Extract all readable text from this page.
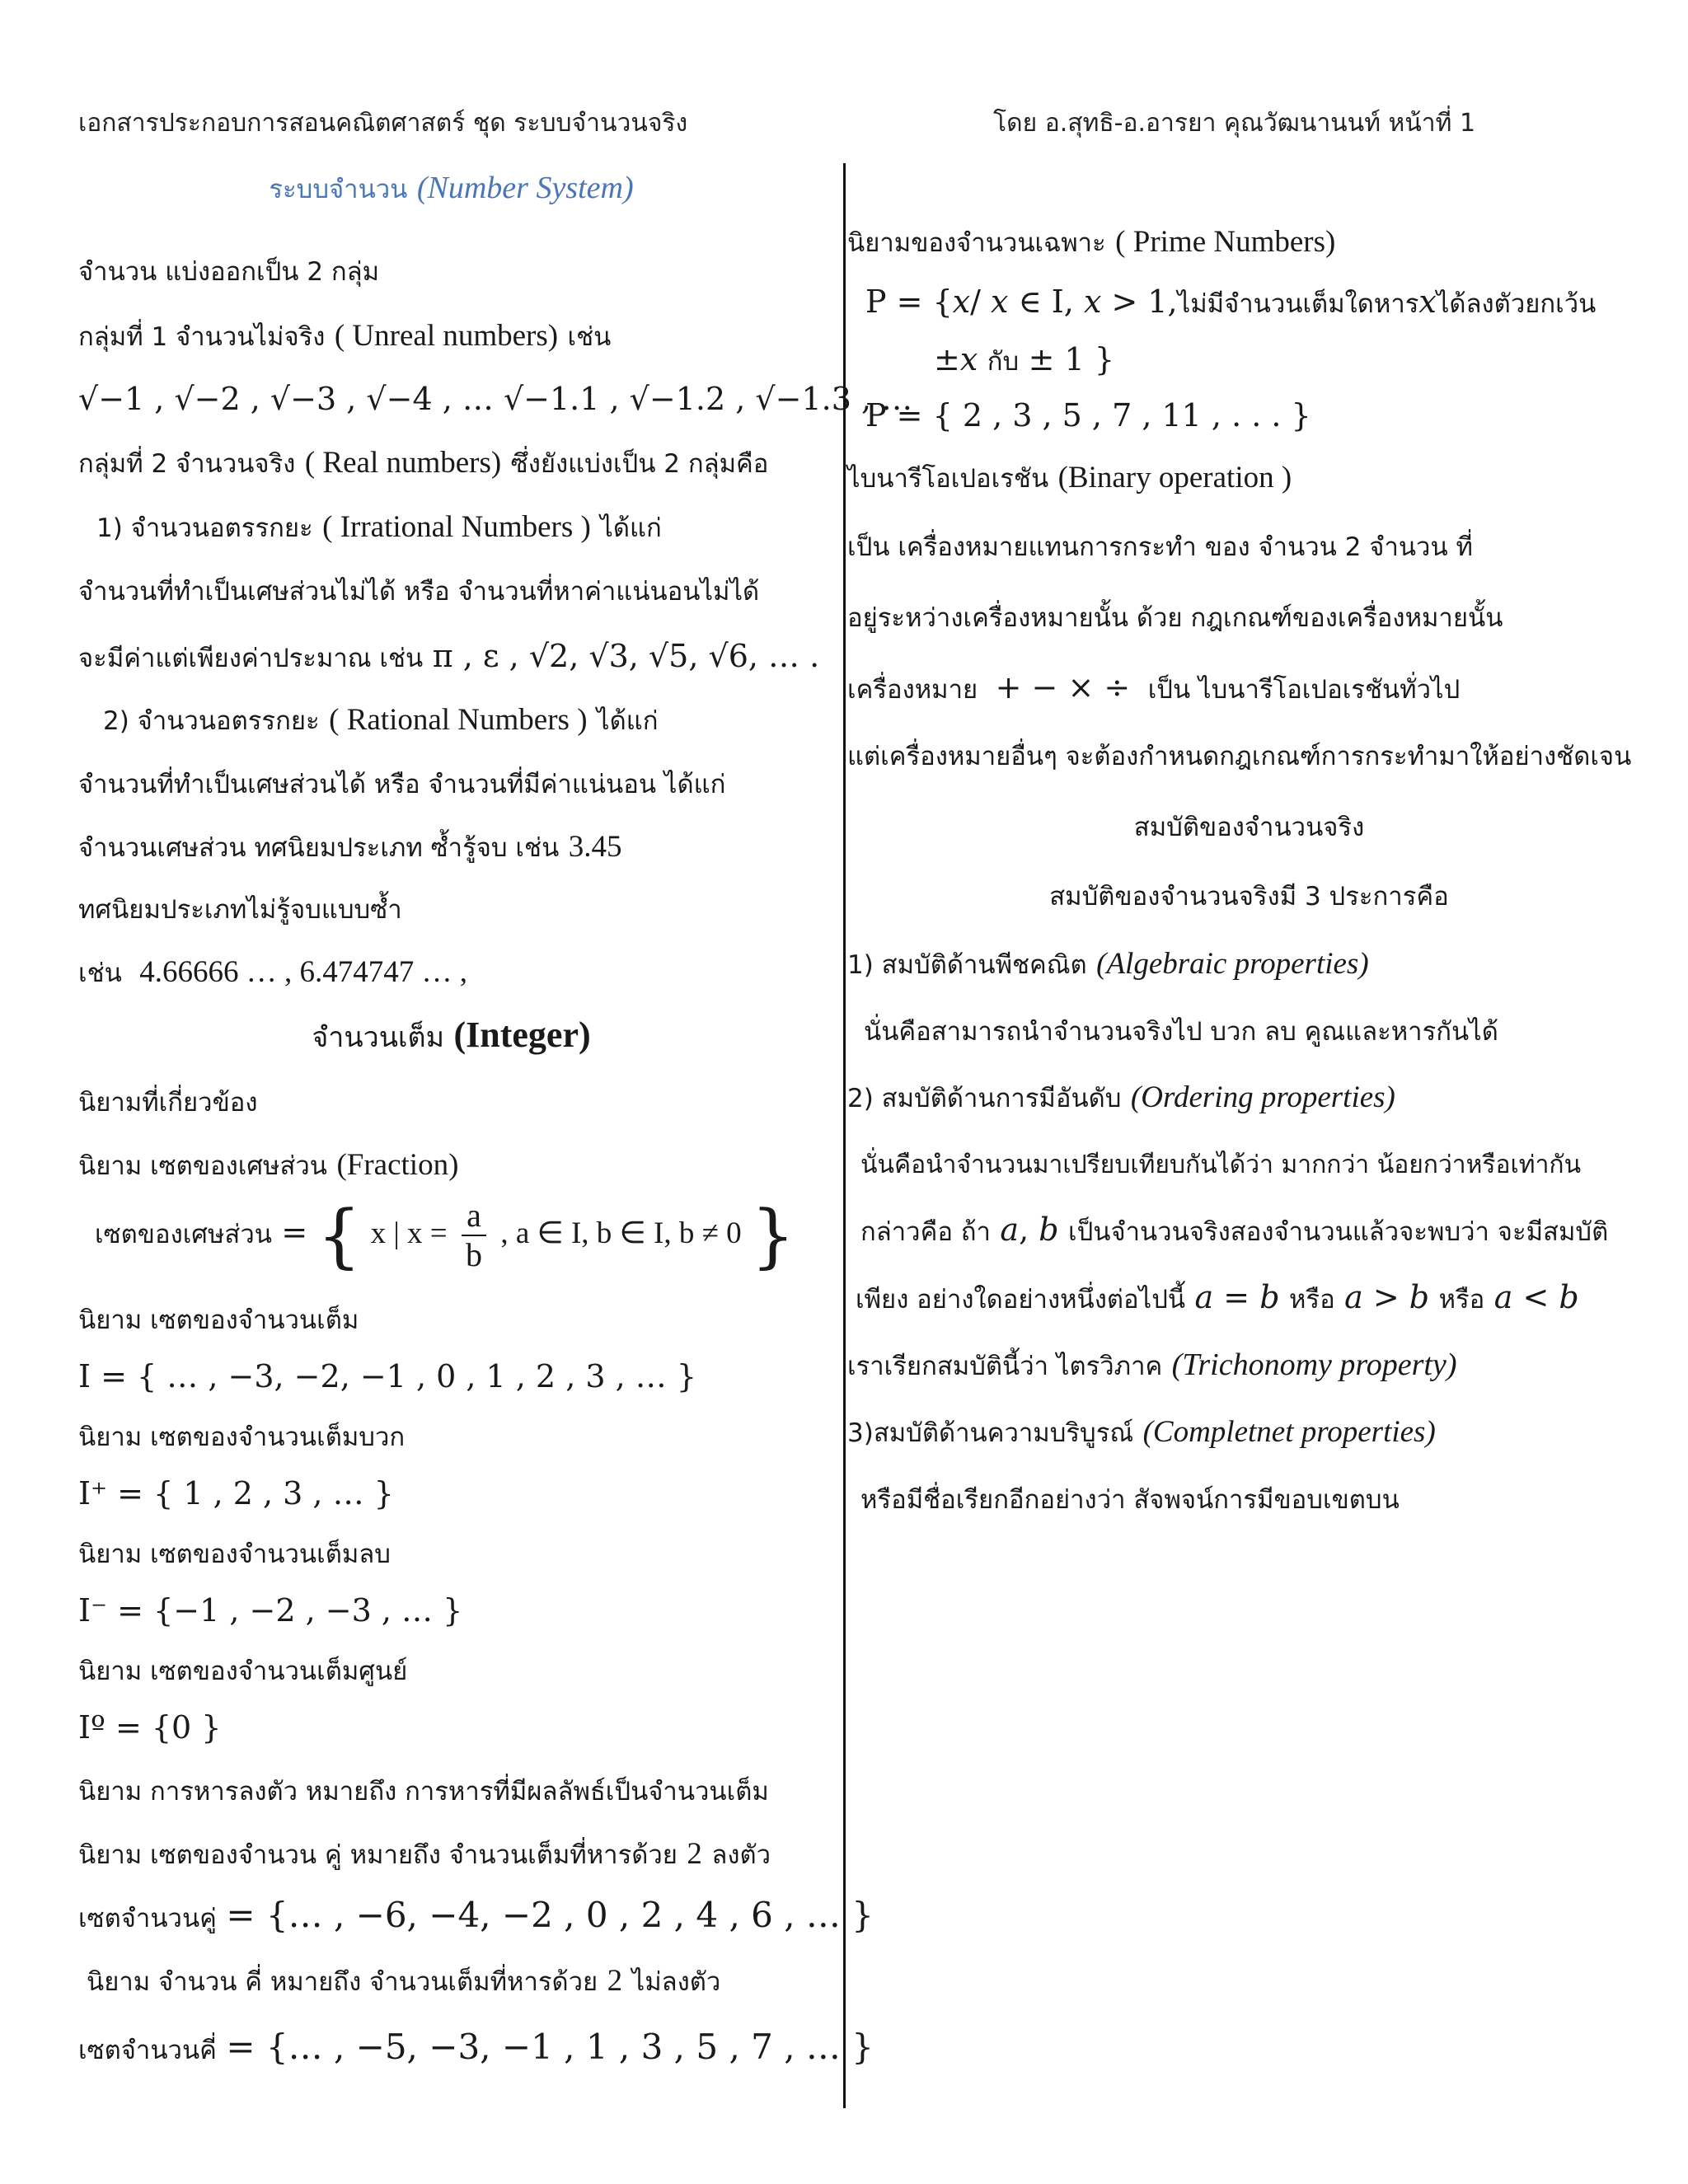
เอกสารประกอบการสอนคณิตศาสตร์ ชุด ระบบจำนวนจริง	โดย อ.สุทธิ-อ.อารยา คุณวัฒนานนท์ หน้าที่ 1
ระบบจำนวน (Number System)
จำนวน แบ่งออกเป็น 2 กลุ่ม
กลุ่มที่ 1 จำนวนไม่จริง ( Unreal numbers) เช่น
√−1 , √−2 , √−3 , √−4 , … √−1.1 , √−1.2 , √−1.3 , …
กลุ่มที่ 2 จำนวนจริง ( Real numbers) ซึ่งยังแบ่งเป็น 2 กลุ่มคือ
1) จำนวนอตรรกยะ ( Irrational Numbers ) ได้แก่
จำนวนที่ทำเป็นเศษส่วนไม่ได้ หรือ จำนวนที่หาค่าแน่นอนไม่ได้
จะมีค่าแต่เพียงค่าประมาณ เช่น π , ε , √2, √3, √5, √6, … .
2) จำนวนอตรรกยะ ( Rational Numbers ) ได้แก่
จำนวนที่ทำเป็นเศษส่วนได้ หรือ จำนวนที่มีค่าแน่นอน ได้แก่
จำนวนเศษส่วน ทศนิยมประเภท ซ้ำรู้จบ เช่น 3.45
ทศนิยมประเภทไม่รู้จบแบบซ้ำ
เช่น 4.66666 … , 6.474747 … ,
จำนวนเต็ม (Integer)
นิยามที่เกี่ยวข้อง
นิยาม เซตของเศษส่วน (Fraction)
เซตของเศษส่วน = { x | $x = \frac{a}{b}$ , a ∈ I, b ∈ I, b ≠ 0 }
นิยาม เซตของจำนวนเต็ม
I = { … , −3, −2, −1 , 0 , 1 , 2 , 3 , … }
นิยาม เซตของจำนวนเต็มบวก
I⁺ = { 1 , 2 , 3 , … }
นิยาม เซตของจำนวนเต็มลบ
I⁻ = {−1 , −2 , −3 , … }
นิยาม เซตของจำนวนเต็มศูนย์
Iº = {0 }
นิยาม การหารลงตัว หมายถึง การหารที่มีผลลัพธ์เป็นจำนวนเต็ม
นิยาม เซตของจำนวน คู่ หมายถึง จำนวนเต็มที่หารด้วย 2 ลงตัว
เซตจำนวนคู่ = {… , −6, −4, −2 , 0 , 2 , 4 , 6 , … }
นิยาม จำนวน คี่ หมายถึง จำนวนเต็มที่หารด้วย 2 ไม่ลงตัว
เซตจำนวนคี่ = {… , −5, −3, −1 , 1 , 3 , 5 , 7 , … }
นิยามของจำนวนเฉพาะ ( Prime Numbers)
P = {𝑥/ 𝑥 ∈ I, 𝑥 > 1,ไม่มีจำนวนเต็มใดหาร𝑥ได้ลงตัวยกเว้น
±𝑥 กับ ± 1 }
P = { 2 , 3 , 5 , 7 , 11 , . . . }
ไบนารีโอเปอเรชัน (Binary operation )
เป็น เครื่องหมายแทนการกระทำ ของ จำนวน 2 จำนวน ที่
อยู่ระหว่างเครื่องหมายนั้น ด้วย กฎเกณฑ์ของเครื่องหมายนั้น
เครื่องหมาย + − × ÷ เป็น ไบนารีโอเปอเรชันทั่วไป
แต่เครื่องหมายอื่นๆ จะต้องกำหนดกฎเกณฑ์การกระทำมาให้อย่างชัดเจน
สมบัติของจำนวนจริง
สมบัติของจำนวนจริงมี 3 ประการคือ
1) สมบัติด้านพีชคณิต (Algebraic properties)
นั่นคือสามารถนำจำนวนจริงไป บวก ลบ คูณและหารกันได้
2) สมบัติด้านการมีอันดับ (Ordering properties)
นั่นคือนำจำนวนมาเปรียบเทียบกันได้ว่า มากกว่า น้อยกว่าหรือเท่ากัน
กล่าวคือ ถ้า 𝑎, 𝑏 เป็นจำนวนจริงสองจำนวนแล้วจะพบว่า จะมีสมบัติ
เพียง อย่างใดอย่างหนึ่งต่อไปนี้ 𝑎 = 𝑏 หรือ 𝑎 > 𝑏 หรือ 𝑎 < 𝑏
เราเรียกสมบัตินี้ว่า ไตรวิภาค (Trichonomy property)
3)สมบัติด้านความบริบูรณ์ (Completnet properties)
หรือมีชื่อเรียกอีกอย่างว่า สัจพจน์การมีขอบเขตบน
